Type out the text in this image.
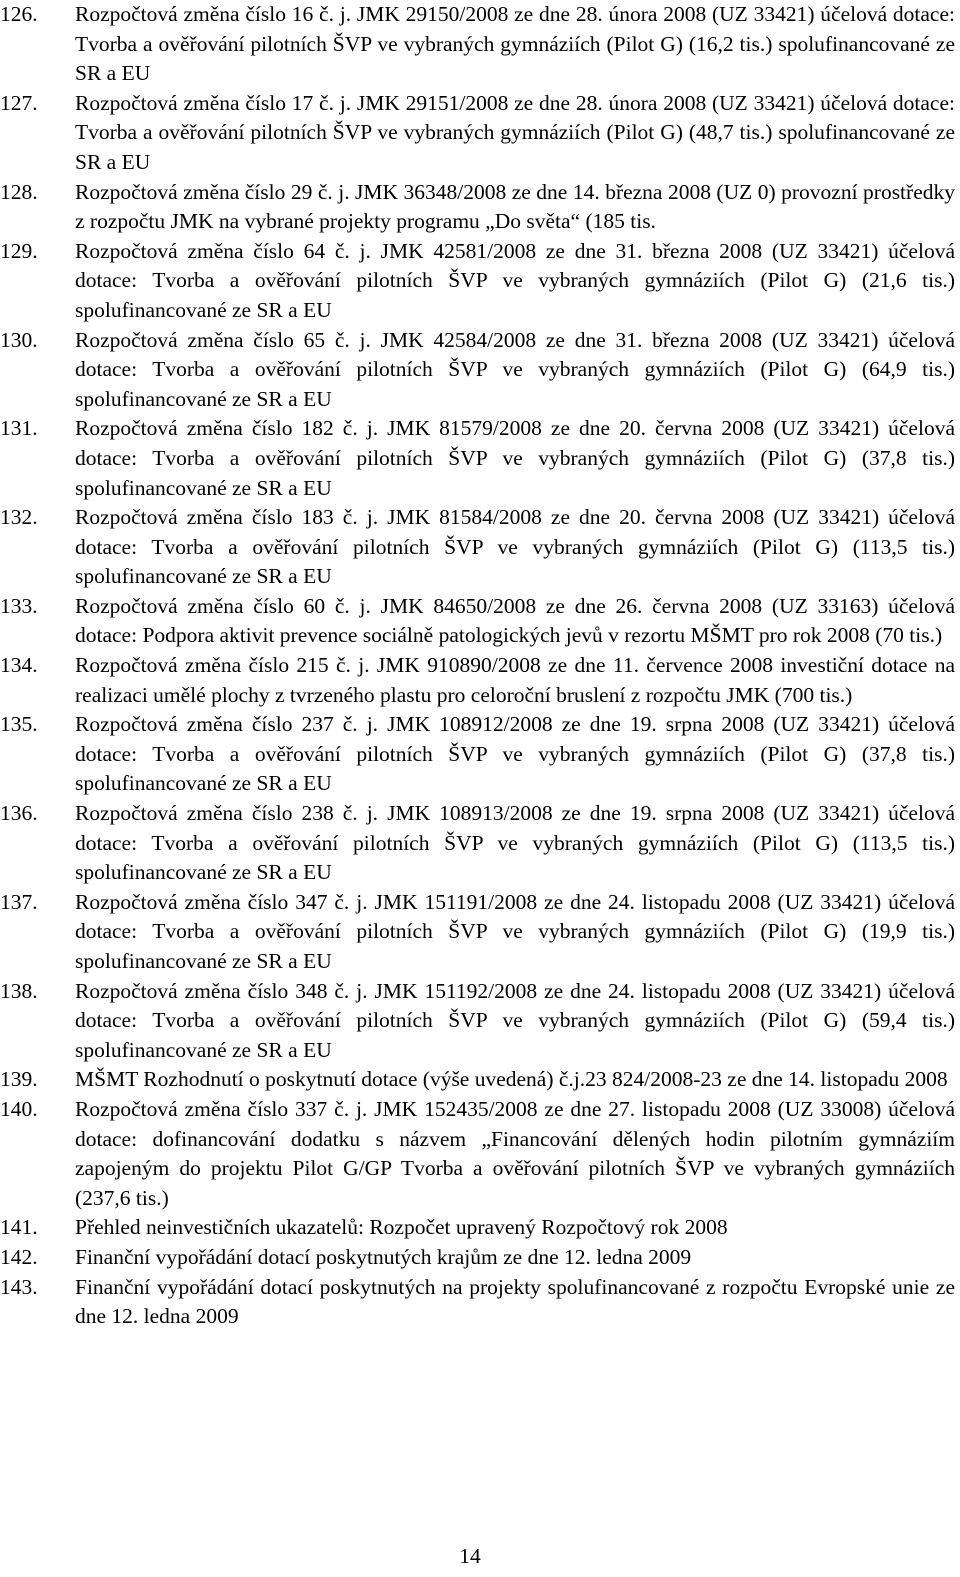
126.	Rozpočtová změna číslo 16 č. j. JMK 29150/2008 ze dne 28. února 2008 (UZ 33421) účelová dotace: Tvorba a ověřování pilotních ŠVP ve vybraných gymnáziích (Pilot G) (16,2 tis.) spolufinancované ze SR a EU
127.	Rozpočtová změna číslo 17 č. j. JMK 29151/2008 ze dne 28. února 2008 (UZ 33421) účelová dotace: Tvorba a ověřování pilotních ŠVP ve vybraných gymnáziích (Pilot G) (48,7 tis.) spolufinancované ze SR a EU
128.	Rozpočtová změna číslo 29 č. j. JMK 36348/2008 ze dne 14. března 2008 (UZ 0) provozní prostředky z rozpočtu JMK na vybrané projekty programu „Do světa“ (185 tis.
129.	Rozpočtová změna číslo 64 č. j. JMK 42581/2008 ze dne 31. března 2008 (UZ 33421) účelová dotace: Tvorba a ověřování pilotních ŠVP ve vybraných gymnáziích (Pilot G) (21,6 tis.) spolufinancované ze SR a EU
130.	Rozpočtová změna číslo 65 č. j. JMK 42584/2008 ze dne 31. března 2008 (UZ 33421) účelová dotace: Tvorba a ověřování pilotních ŠVP ve vybraných gymnáziích (Pilot G) (64,9 tis.) spolufinancované ze SR a EU
131.	Rozpočtová změna číslo 182 č. j. JMK 81579/2008 ze dne 20. června 2008 (UZ 33421) účelová dotace: Tvorba a ověřování pilotních ŠVP ve vybraných gymnáziích (Pilot G) (37,8 tis.) spolufinancované ze SR a EU
132.	Rozpočtová změna číslo 183 č. j. JMK 81584/2008 ze dne 20. června 2008 (UZ 33421) účelová dotace: Tvorba a ověřování pilotních ŠVP ve vybraných gymnáziích (Pilot G) (113,5 tis.) spolufinancované ze SR a EU
133.	Rozpočtová změna číslo 60 č. j. JMK 84650/2008 ze dne 26. června 2008 (UZ 33163) účelová dotace: Podpora aktivit prevence sociálně patologických jevů v rezortu MŠMT pro rok 2008 (70 tis.)
134.	Rozpočtová změna číslo 215 č. j. JMK 910890/2008 ze dne 11. července 2008 investiční dotace na realizaci umělé plochy z tvrzeného plastu pro celoroční bruslení z rozpočtu JMK (700 tis.)
135.	Rozpočtová změna číslo 237 č. j. JMK 108912/2008 ze dne 19. srpna 2008 (UZ 33421) účelová dotace: Tvorba a ověřování pilotních ŠVP ve vybraných gymnáziích (Pilot G) (37,8 tis.) spolufinancované ze SR a EU
136.	Rozpočtová změna číslo 238 č. j. JMK 108913/2008 ze dne 19. srpna 2008 (UZ 33421) účelová dotace: Tvorba a ověřování pilotních ŠVP ve vybraných gymnáziích (Pilot G) (113,5 tis.) spolufinancované ze SR a EU
137.	Rozpočtová změna číslo 347 č. j. JMK 151191/2008 ze dne 24. listopadu 2008 (UZ 33421) účelová dotace: Tvorba a ověřování pilotních ŠVP ve vybraných gymnáziích (Pilot G) (19,9 tis.) spolufinancované ze SR a EU
138.	Rozpočtová změna číslo 348 č. j. JMK 151192/2008 ze dne 24. listopadu 2008 (UZ 33421) účelová dotace: Tvorba a ověřování pilotních ŠVP ve vybraných gymnáziích (Pilot G) (59,4 tis.) spolufinancované ze SR a EU
139.	MŠMT Rozhodnutí o poskytnutí dotace (výše uvedená) č.j.23 824/2008-23 ze dne 14. listopadu 2008
140.	Rozpočtová změna číslo 337 č. j. JMK 152435/2008 ze dne 27. listopadu 2008 (UZ 33008) účelová dotace: dofinancování dodatku s názvem „Financování dělených hodin pilotním gymnáziím zapojeným do projektu Pilot G/GP Tvorba a ověřování pilotních ŠVP ve vybraných gymnáziích (237,6 tis.)
141.	Přehled neinvestičních ukazatelů: Rozpočet upravený Rozpočtový rok 2008
142.	Finanční vypořádání dotací poskytnutých krajům ze dne 12. ledna 2009
143.	Finanční vypořádání dotací poskytnutých na projekty spolufinancované z rozpočtu Evropské unie ze dne 12. ledna 2009
14
